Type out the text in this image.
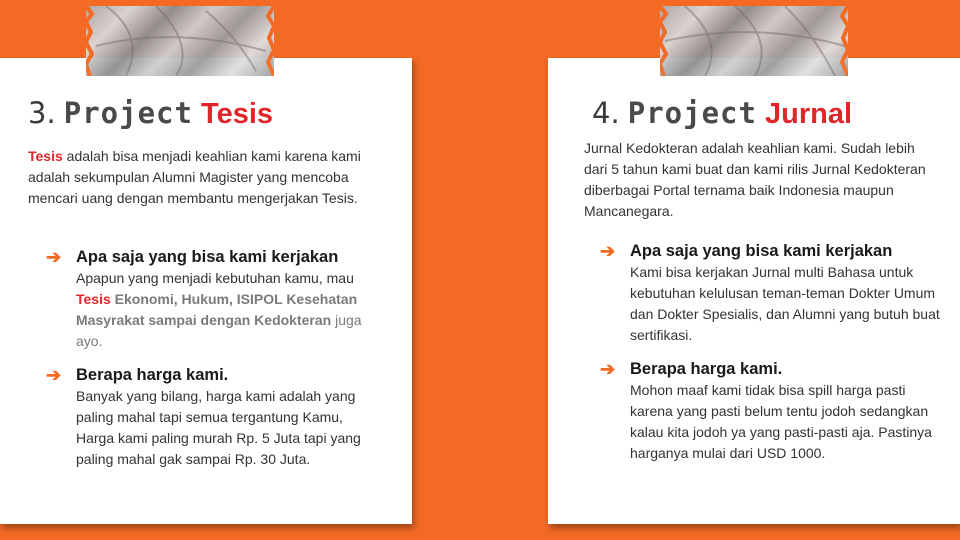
3. Project Tesis

Tesis adalah bisa menjadi keahlian kami karena kami adalah sekumpulan Alumni Magister yang mencoba mencari uang dengan membantu mengerjakan Tesis.

➔ Apa saja yang bisa kami kerjakan

Apapun yang menjadi kebutuhan kamu, mau Tesis Ekonomi, Hukum, ISIPOL Kesehatan Masyrakat sampai dengan Kedokteran juga ayo.

➔ Berapa harga kami.

Banyak yang bilang, harga kami adalah yang paling mahal tapi semua tergantung Kamu, Harga kami paling murah Rp. 5 Juta tapi yang paling mahal gak sampai Rp. 30 Juta.

4. Project Jurnal

Jurnal Kedokteran adalah keahlian kami. Sudah lebih dari 5 tahun kami buat dan kami rilis Jurnal Kedokteran diberbagai Portal ternama baik Indonesia maupun Mancanegara.

➔ Apa saja yang bisa kami kerjakan

Kami bisa kerjakan Jurnal multi Bahasa untuk kebutuhan kelulusan teman-teman Dokter Umum dan Dokter Spesialis, dan Alumni yang butuh buat sertifikasi.

➔ Berapa harga kami.

Mohon maaf kami tidak bisa spill harga pasti karena yang pasti belum tentu jodoh sedangkan kalau kita jodoh ya yang pasti-pasti aja. Pastinya harganya mulai dari USD 1000.
